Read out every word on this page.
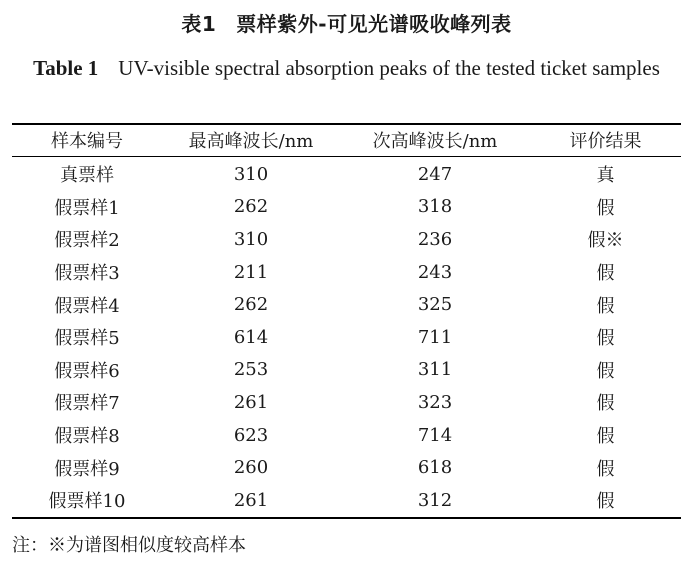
表1 票样紫外-可见光谱吸收峰列表
Table 1 UV-visible spectral absorption peaks of the tested ticket samples
样本编号	最高峰波长/nm	次高峰波长/nm	评价结果
真票样	310	247	真
假票样1	262	318	假
假票样2	310	236	假※
假票样3	211	243	假
假票样4	262	325	假
假票样5	614	711	假
假票样6	253	311	假
假票样7	261	323	假
假票样8	623	714	假
假票样9	260	618	假
假票样10	261	312	假
注：※为谱图相似度较高样本
